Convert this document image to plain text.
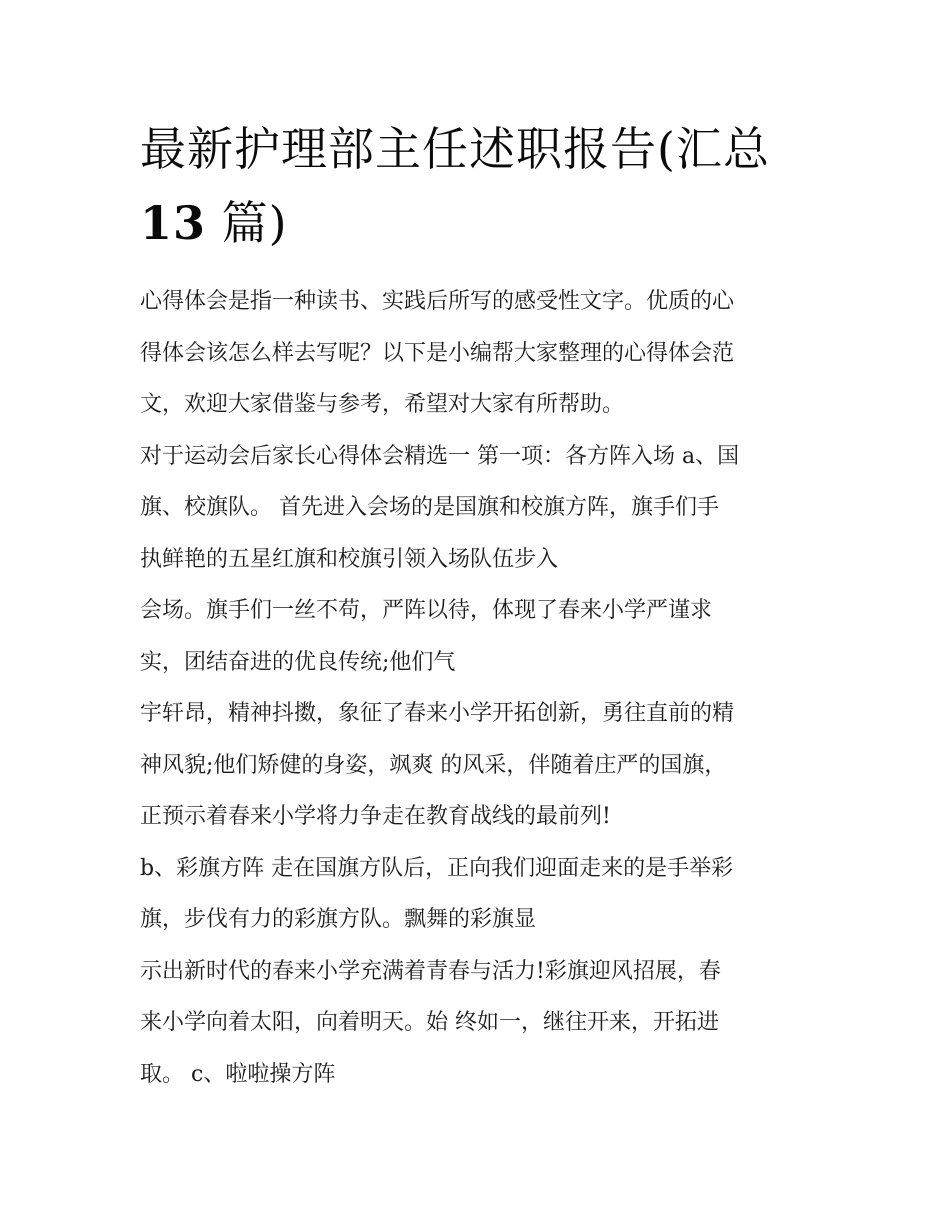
最新护理部主任述职报告(汇总
13 篇)

心得体会是指一种读书、实践后所写的感受性文字。优质的心

得体会该怎么样去写呢？以下是小编帮大家整理的心得体会范

文，欢迎大家借鉴与参考，希望对大家有所帮助。

对于运动会后家长心得体会精选一 第一项：各方阵入场 a、国

旗、校旗队。 首先进入会场的是国旗和校旗方阵，旗手们手

执鲜艳的五星红旗和校旗引领入场队伍步入

会场。旗手们一丝不苟，严阵以待，体现了春来小学严谨求

实，团结奋进的优良传统;他们气

宇轩昂，精神抖擞，象征了春来小学开拓创新，勇往直前的精

神风貌;他们矫健的身姿，飒爽 的风采，伴随着庄严的国旗，

正预示着春来小学将力争走在教育战线的最前列!

b、彩旗方阵 走在国旗方队后，正向我们迎面走来的是手举彩

旗，步伐有力的彩旗方队。飘舞的彩旗显

示出新时代的春来小学充满着青春与活力!彩旗迎风招展，春

来小学向着太阳，向着明天。始 终如一，继往开来，开拓进

取。 c、啦啦操方阵
